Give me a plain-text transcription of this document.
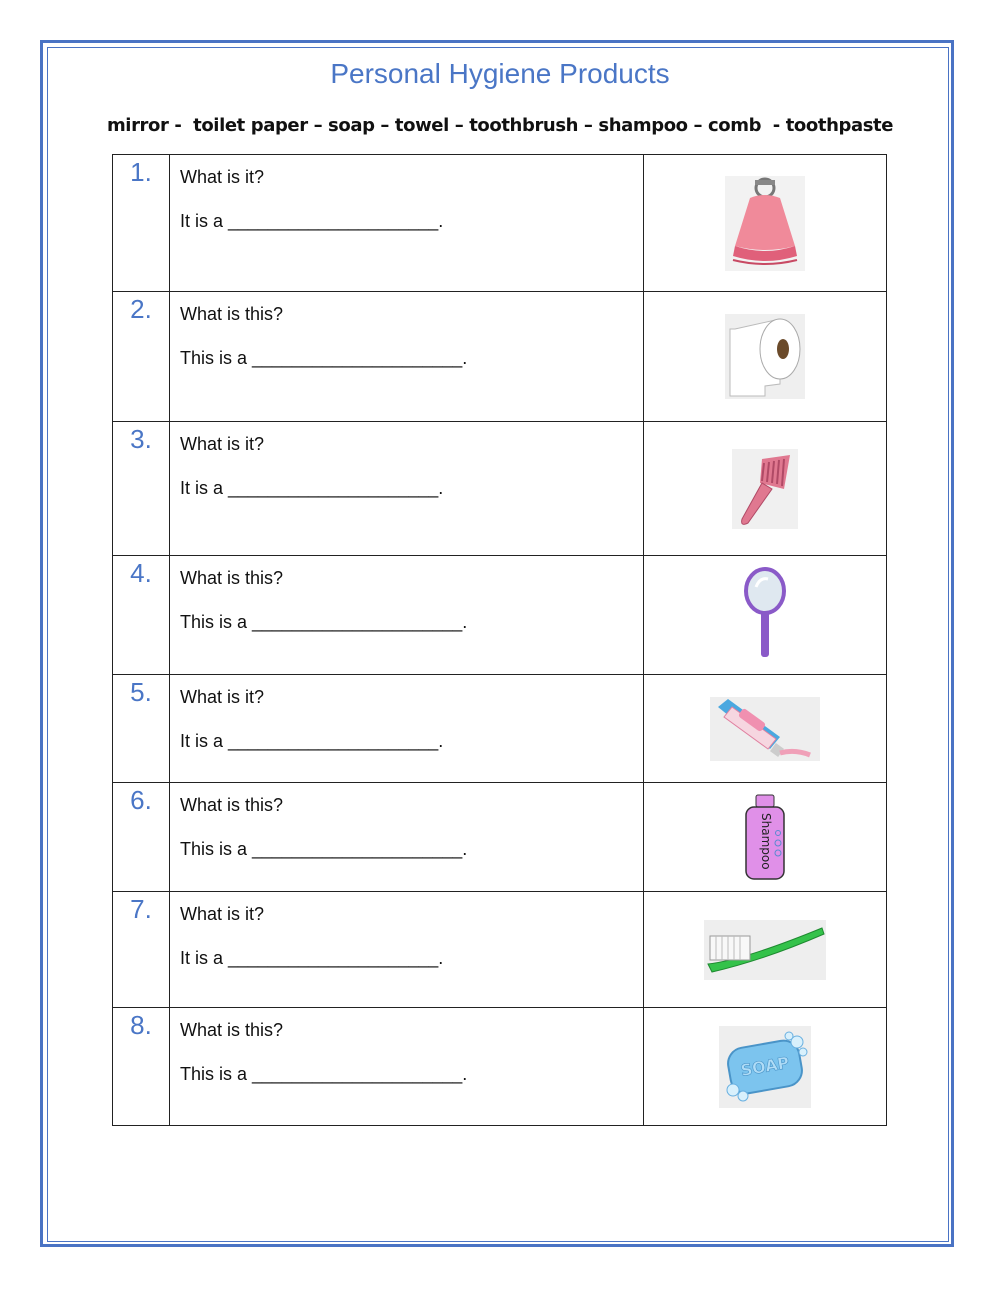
Personal Hygiene Products
mirror -  toilet paper – soap – towel – toothbrush – shampoo – comb  - toothpaste
1.	What is it?
It is a _____________________.

2.	What is this?
This is a _____________________.

3.	What is it?
It is a _____________________.

4.	What is this?
This is a _____________________.

5.	What is it?
It is a _____________________.

6.	What is this?
This is a _____________________.	Shampoo

7.	What is it?
It is a _____________________.

8.	What is this?
This is a _____________________.	SOAP
